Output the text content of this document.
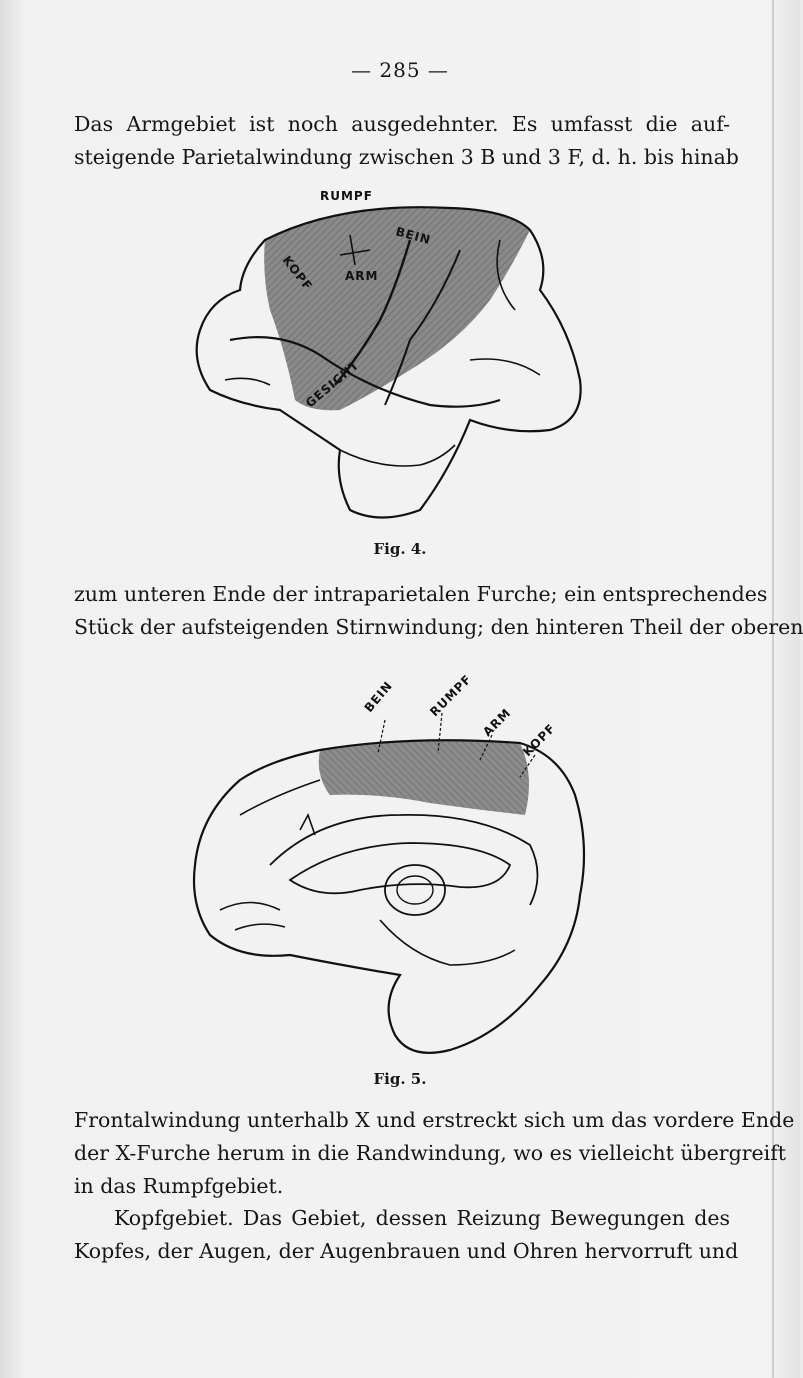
— 285 —
Das Armgebiet ist noch ausgedehnter. Es umfasst die auf-
steigende Parietalwindung zwischen 3 B und 3 F, d. h. bis hinab
RUMPF
BEIN
ARM
KOPF
GESICHT
Fig. 4.
zum unteren Ende der intraparietalen Furche; ein entsprechendes
Stück der aufsteigenden Stirnwindung; den hinteren Theil der oberen
BEIN	RUMPF
ARM KOPF
Fig. 5.
Frontalwindung unterhalb X und erstreckt sich um das vordere Ende
der X-Furche herum in die Randwindung, wo es vielleicht übergreift
in das Rumpfgebiet.
Kopfgebiet. Das Gebiet, dessen Reizung Bewegungen des
Kopfes, der Augen, der Augenbrauen und Ohren hervorruft und
